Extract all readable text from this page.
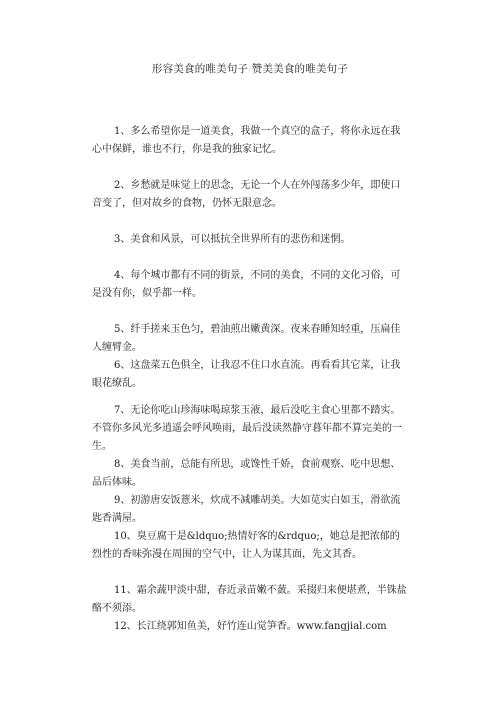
形容美食的唯美句子 赞美美食的唯美句子

1、多么希望你是一道美食，我做一个真空的盒子，将你永远在我心中保鲜，谁也不行，你是我的独家记忆。

2、乡愁就是味觉上的思念，无论一个人在外闯荡多少年，即使口音变了，但对故乡的食物，仍怀无限意念。

3、美食和风景，可以抵抗全世界所有的悲伤和迷惘。

4、每个城市都有不同的街景，不同的美食，不同的文化习俗，可是没有你，似乎都一样。

5、纤手搓来玉色匀，碧油煎出嫩黄深。夜来春睡知轻重，压扁佳人缠臂金。

6、这盘菜五色俱全，让我忍不住口水直流。再看看其它菜，让我眼花缭乱。

7、无论你吃山珍海味喝琼浆玉液，最后没吃主食心里都不踏实。不管你多风光多逍遥会呼风唤雨，最后没读然静守暮年都不算完美的一生。

8、美食当前，总能有所思，或馋性千娇，食前观察、吃中思想、品后体味。

9、初游唐安饭薏米，炊成不减雕胡美。大如苋实白如玉，滑欲流匙香满屋。

10、臭豆腐干是&ldquo;热情好客的&rdquo;，她总是把浓郁的烈性的香味弥漫在周围的空气中，让人为谋其面，先文其香。

11、霜余蔬甲淡中甜，春近录苗嫩不蔹。采掇归来便堪煮，半铢盐酪不须添。

12、长江绕郭知鱼美，好竹连山觉笋香。www.fangjial.com
